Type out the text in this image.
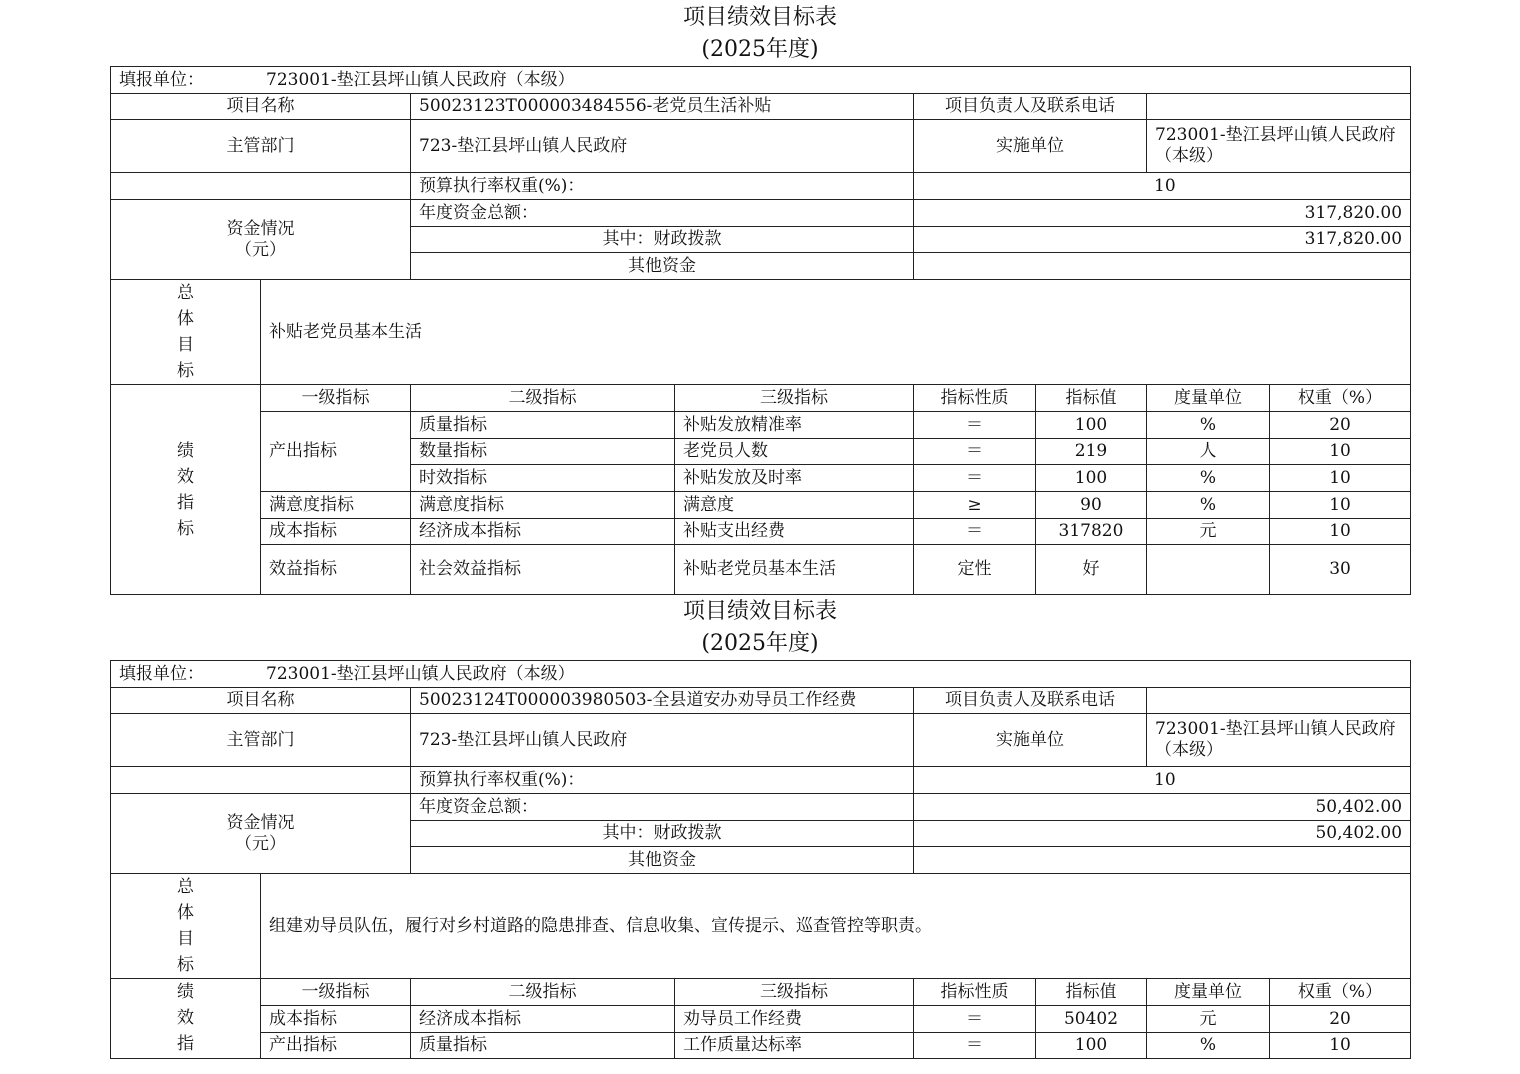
项目绩效目标表
(2025年度)
填报单位： 723001-垫江县坪山镇人民政府（本级）							
项目名称		50023123T000003484556-老党员生活补贴		项目负责人及联系电话			
主管部门		723-垫江县坪山镇人民政府		实施单位		723001-垫江县坪山镇人民政府（本级）	
		预算执行率权重(%)：		10			

资金情况
（元）		年度资金总额：		317,820.00			
		其中：财政拨款		317,820.00			
		其他资金					

总体目标	补贴老党员基本生活						

绩效指标	一级指标	二级指标	三级指标	指标性质	指标值	度量单位	权重（%）
	产出指标	质量指标	补贴发放精准率	＝	100	%	20
		数量指标	老党员人数	＝	219	人	10
		时效指标	补贴发放及时率	＝	100	%	10
	满意度指标	满意度指标	满意度	≥	90	%	10
	成本指标	经济成本指标	补贴支出经费	＝	317820	元	10
	效益指标	社会效益指标	补贴老党员基本生活	定性	好		30
项目绩效目标表
(2025年度)
填报单位： 723001-垫江县坪山镇人民政府（本级）							
项目名称		50023124T000003980503-全县道安办劝导员工作经费		项目负责人及联系电话			
主管部门		723-垫江县坪山镇人民政府		实施单位		723001-垫江县坪山镇人民政府（本级）	
		预算执行率权重(%)：		10			

资金情况
（元）		年度资金总额：		50,402.00			
		其中：财政拨款		50,402.00			
		其他资金					

总体目标	组建劝导员队伍，履行对乡村道路的隐患排查、信息收集、宣传提示、巡查管控等职责。						

绩效指	一级指标	二级指标	三级指标	指标性质	指标值	度量单位	权重（%）
	成本指标	经济成本指标	劝导员工作经费	＝	50402	元	20
	产出指标	质量指标	工作质量达标率	＝	100	%	10
